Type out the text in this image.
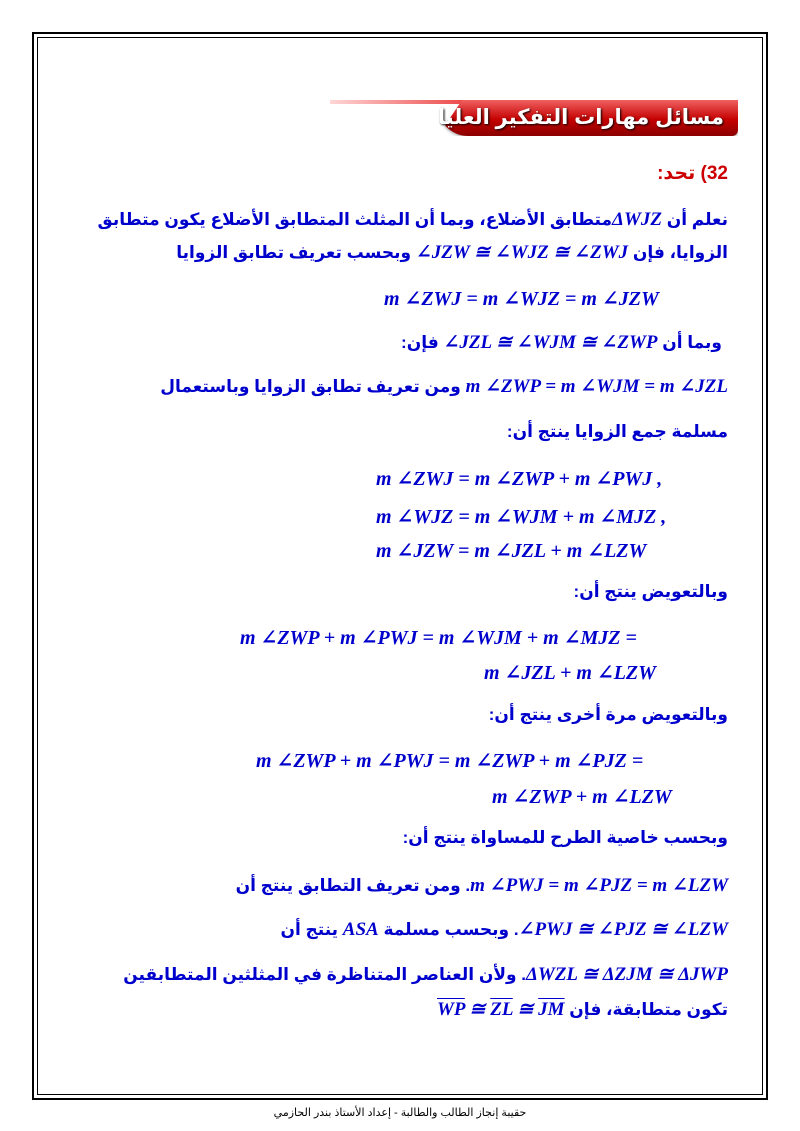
مسائل مهارات التفكير العليا
32) تحد:
نعلم أن ΔWJZمتطابق الأضلاع، وبما أن المثلث المتطابق الأضلاع يكون متطابق
الزوايا، فإن ∠JZW ≅ ∠WJZ ≅ ∠ZWJ وبحسب تعريف تطابق الزوايا
m ∠ZWJ = m ∠WJZ = m ∠JZW
وبما أن ∠JZL ≅ ∠WJM ≅ ∠ZWP فإن:
m ∠ZWP = m ∠WJM = m ∠JZL ومن تعريف تطابق الزوايا وباستعمال
مسلمة جمع الزوايا ينتج أن:
m ∠ZWJ = m ∠ZWP + m ∠PWJ ,
m ∠WJZ = m ∠WJM + m ∠MJZ ,
m ∠JZW = m ∠JZL + m ∠LZW
وبالتعويض ينتج أن:
m ∠ZWP + m ∠PWJ = m ∠WJM + m ∠MJZ =
m ∠JZL + m ∠LZW
وبالتعويض مرة أخرى ينتج أن:
m ∠ZWP + m ∠PWJ = m ∠ZWP + m ∠PJZ =
m ∠ZWP + m ∠LZW
وبحسب خاصية الطرح للمساواة ينتج أن:
m ∠PWJ = m ∠PJZ = m ∠LZW. ومن تعريف التطابق ينتج أن
∠PWJ ≅ ∠PJZ ≅ ∠LZW. وبحسب مسلمة ASA ينتج أن
ΔWZL ≅ ΔZJM ≅ ΔJWP. ولأن العناصر المتناظرة في المثلثين المتطابقين
تكون متطابقة، فإن $\overline{WP}$ ≅ $\overline{ZL}$ ≅ $\overline{JM}$
حقيبة إنجاز الطالب والطالبة - إعداد الأستاذ بندر الحازمي
